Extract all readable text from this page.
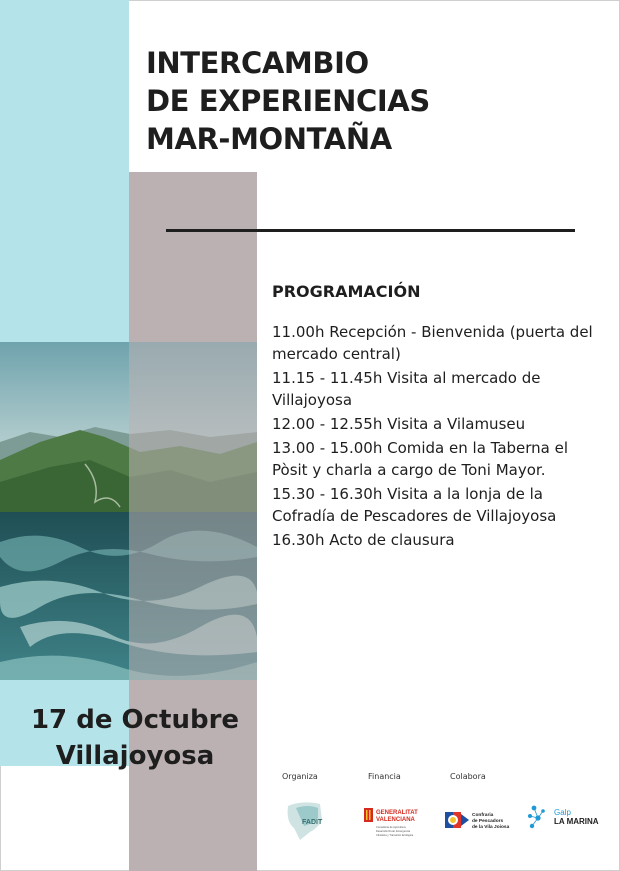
INTERCAMBIO
DE EXPERIENCIAS
MAR-MONTAÑA
PROGRAMACIÓN
11.00h Recepción - Bienvenida (puerta del mercado central)
11.15 - 11.45h Visita al mercado de Villajoyosa
12.00 - 12.55h Visita a Vilamuseu
13.00 - 15.00h Comida en la Taberna el Pòsit y charla a cargo de Toni Mayor.
15.30 - 16.30h Visita a la lonja de la Cofradía de Pescadores de Villajoyosa
16.30h Acto de clausura
17 de Octubre
Villajoyosa
Organiza	Financia	Colabora
FADIT
GENERALITAT
VALENCIANA
Conselleria de Agricultura,
Desarrollo Rural, Emergencia
Climática y Transición Ecológica
Confraria
de Pescadors
de la Vila Joiosa
Galp
LA MARINA
